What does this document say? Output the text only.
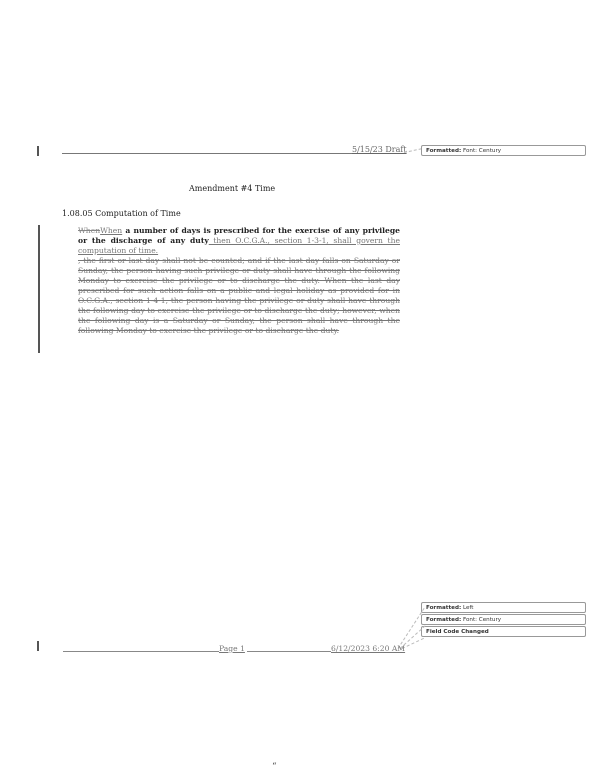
5/15/23 Draft	Formatted: Font: Century
Amendment #4 Time
1.08.05 Computation of Time
WhenWhen a number of days is prescribed for the exercise of any privilege or the discharge of any duty then O.C.G.A., section 1-3-1, shall govern the computation of time.
, the first or last day shall not be counted; and if the last day falls on Saturday or Sunday, the person having such privilege or duty shall have through the following Monday to exercise the privilege or to discharge the duty. When the last day prescribed for such action falls on a public and legal holiday as provided for in O.C.G.A., section 1-4-1, the person having the privilege or duty shall have through the following day to exercise the privilege or to discharge the duty; however, when the following day is a Saturday or Sunday, the person shall have through the following Monday to exercise the privilege or to discharge the duty.
Formatted: Left
Formatted: Font: Century
Field Code Changed
Page 1	6/12/2023 6:20 AM
“
